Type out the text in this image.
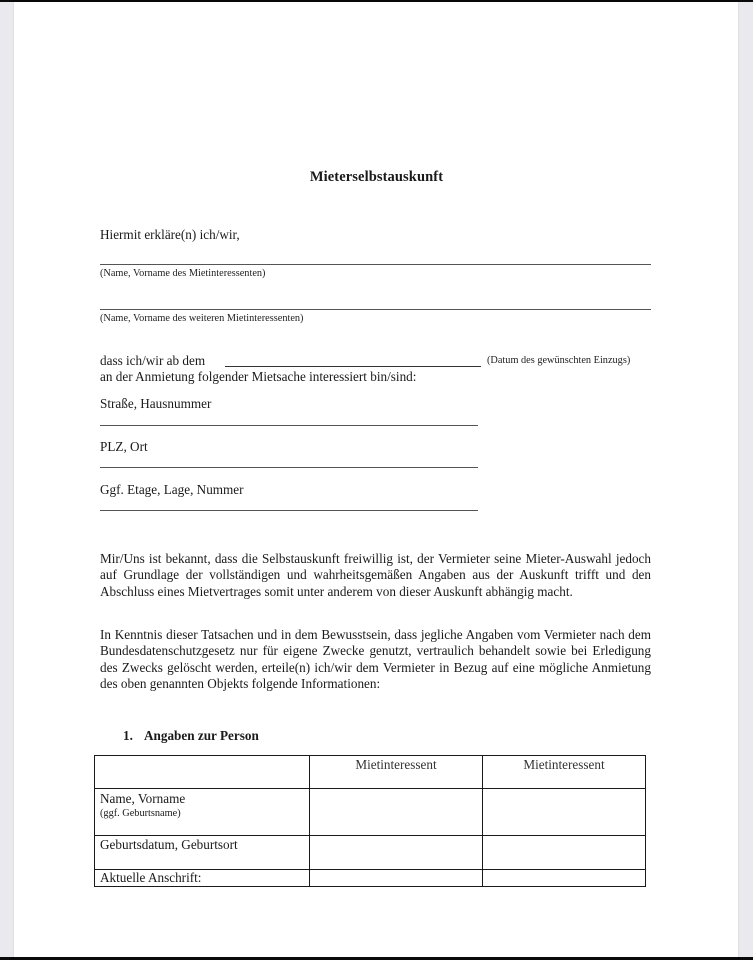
Mieterselbstauskunft
Hiermit erkläre(n) ich/wir,
(Name, Vorname des Mietinteressenten)
(Name, Vorname des weiteren Mietinteressenten)
dass ich/wir ab dem	(Datum des gewünschten Einzugs)
an der Anmietung folgender Mietsache interessiert bin/sind:
Straße, Hausnummer
PLZ, Ort
Ggf. Etage, Lage, Nummer
Mir/Uns ist bekannt, dass die Selbstauskunft freiwillig ist, der Vermieter seine Mieter-Auswahl jedoch auf Grundlage der vollständigen und wahrheitsgemäßen Angaben aus der Auskunft trifft und den Abschluss eines Mietvertrages somit unter anderem von dieser Auskunft abhängig macht.
In Kenntnis dieser Tatsachen und in dem Bewusstsein, dass jegliche Angaben vom Vermieter nach dem Bundesdatenschutzgesetz nur für eigene Zwecke genutzt, vertraulich behandelt sowie bei Erledigung des Zwecks gelöscht werden, erteile(n) ich/wir dem Vermieter in Bezug auf eine mögliche Anmietung des oben genannten Objekts folgende Informationen:
1. Angaben zur Person
	Mietinteressent	Mietinteressent
Name, Vorname
(ggf. Geburtsname)		

Geburtsdatum, Geburtsort		
Aktuelle Anschrift:		
